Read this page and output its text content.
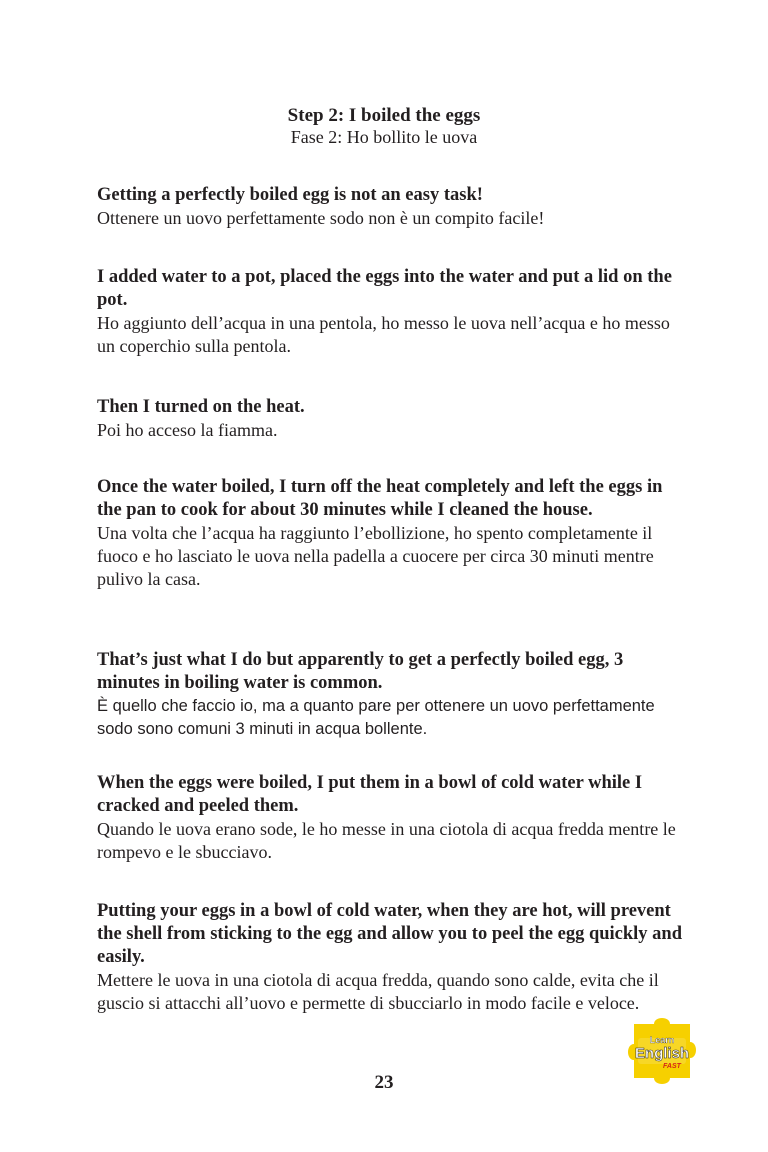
Step 2: I boiled the eggs
Fase 2: Ho bollito le uova

Getting a perfectly boiled egg is not an easy task!

Ottenere un uovo perfettamente sodo non è un compito facile!

I added water to a pot, placed the eggs into the water and put a lid on the pot.

Ho aggiunto dell’acqua in una pentola, ho messo le uova nell’acqua e ho messo un coperchio sulla pentola.

Then I turned on the heat.

Poi ho acceso la fiamma.

Once the water boiled, I turn off the heat completely and left the eggs in the pan to cook for about 30 minutes while I cleaned the house.

Una volta che l’acqua ha raggiunto l’ebollizione, ho spento completamente il fuoco e ho lasciato le uova nella padella a cuocere per circa 30 minuti mentre pulivo la casa.

That’s just what I do but apparently to get a perfectly boiled egg, 3 minutes in boiling water is common.

È quello che faccio io, ma a quanto pare per ottenere un uovo perfettamente sodo sono comuni 3 minuti in acqua bollente.

When the eggs were boiled, I put them in a bowl of cold water while I cracked and peeled them.

Quando le uova erano sode, le ho messe in una ciotola di acqua fredda mentre le rompevo e le sbucciavo.

Putting your eggs in a bowl of cold water, when they are hot, will prevent the shell from sticking to the egg and allow you to peel the egg quickly and easily.

Mettere le uova in una ciotola di acqua fredda, quando sono calde, evita che il guscio si attacchi all’uovo e permette di sbucciarlo in modo facile e veloce.

Learn
English
FAST
23
